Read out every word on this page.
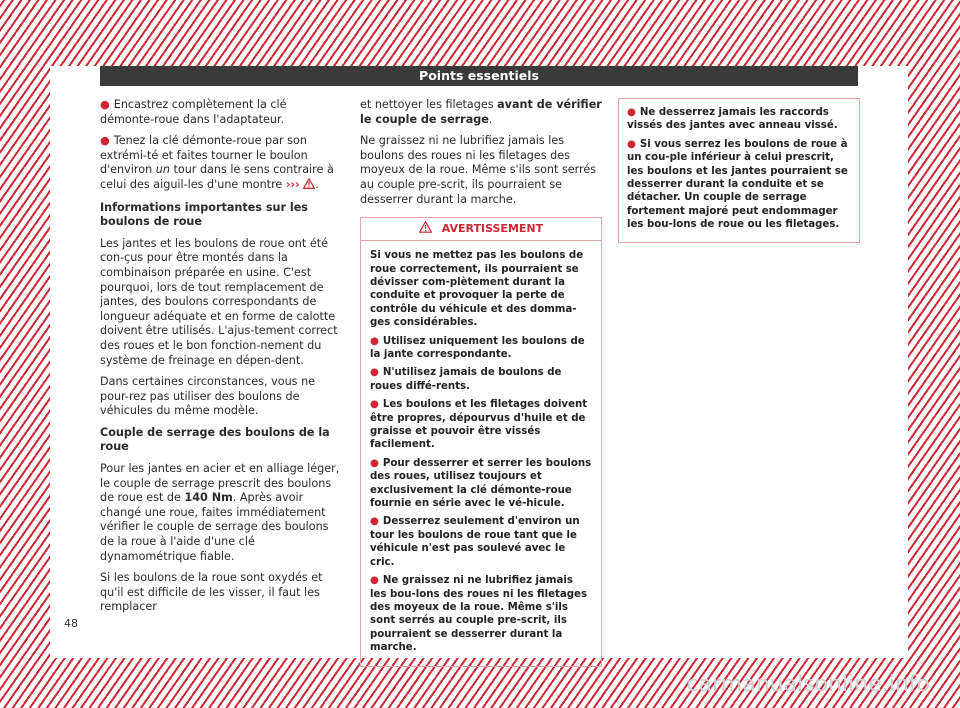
Points essentiels

● Encastrez complètement la clé démonte-roue dans l'adaptateur.

● Tenez la clé démonte-roue par son extrémi-té et faites tourner le boulon d'environ un tour dans le sens contraire à celui des aiguil-les d'une montre ››› .

Informations importantes sur les boulons de roue

Les jantes et les boulons de roue ont été con-çus pour être montés dans la combinaison préparée en usine. C'est pourquoi, lors de tout remplacement de jantes, des boulons correspondants de longueur adéquate et en forme de calotte doivent être utilisés. L'ajus-tement correct des roues et le bon fonction-nement du système de freinage en dépen-dent.

Dans certaines circonstances, vous ne pour-rez pas utiliser des boulons de véhicules du même modèle.

Couple de serrage des boulons de la roue

Pour les jantes en acier et en alliage léger, le couple de serrage prescrit des boulons de roue est de 140 Nm. Après avoir changé une roue, faites immédiatement vérifier le couple de serrage des boulons de la roue à l'aide d'une clé dynamométrique fiable.

Si les boulons de la roue sont oxydés et qu'il est difficile de les visser, il faut les remplacer

et nettoyer les filetages avant de vérifier le couple de serrage.

Ne graissez ni ne lubrifiez jamais les boulons des roues ni les filetages des moyeux de la roue. Même s'ils sont serrés au couple pre-scrit, ils pourraient se desserrer durant la marche.

AVERTISSEMENT

Si vous ne mettez pas les boulons de roue correctement, ils pourraient se dévisser com-plètement durant la conduite et provoquer la perte de contrôle du véhicule et des domma-ges considérables.

● Utilisez uniquement les boulons de la jante correspondante.

● N'utilisez jamais de boulons de roues diffé-rents.

● Les boulons et les filetages doivent être propres, dépourvus d'huile et de graisse et pouvoir être vissés facilement.

● Pour desserrer et serrer les boulons des roues, utilisez toujours et exclusivement la clé démonte-roue fournie en série avec le vé-hicule.

● Desserrez seulement d'environ un tour les boulons de roue tant que le véhicule n'est pas soulevé avec le cric.

● Ne graissez ni ne lubrifiez jamais les bou-lons des roues ni les filetages des moyeux de la roue. Même s'ils sont serrés au couple pre-scrit, ils pourraient se desserrer durant la marche.

● Ne desserrez jamais les raccords vissés des jantes avec anneau vissé.

● Si vous serrez les boulons de roue à un cou-ple inférieur à celui prescrit, les boulons et les jantes pourraient se desserrer durant la conduite et se détacher. Un couple de serrage fortement majoré peut endommager les bou-lons de roue ou les filetages.

48
carmanualsonline.info
